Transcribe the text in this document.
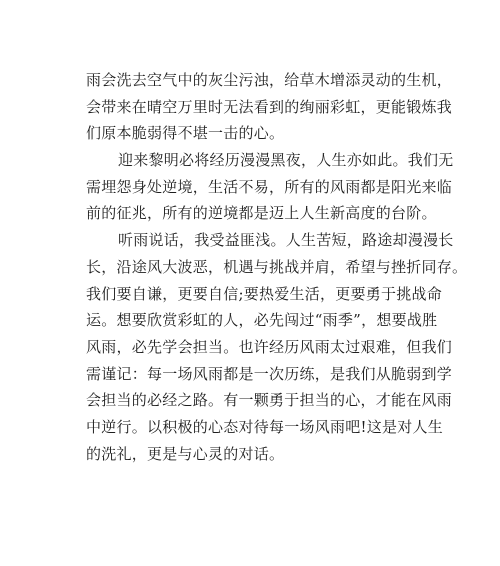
雨会洗去空气中的灰尘污浊，给草木增添灵动的生机，
会带来在晴空万里时无法看到的绚丽彩虹，更能锻炼我
们原本脆弱得不堪一击的心。
迎来黎明必将经历漫漫黑夜，人生亦如此。我们无
需埋怨身处逆境，生活不易，所有的风雨都是阳光来临
前的征兆，所有的逆境都是迈上人生新高度的台阶。
听雨说话，我受益匪浅。人生苦短，路途却漫漫长
长，沿途风大波恶，机遇与挑战并肩，希望与挫折同存。
我们要自谦，更要自信;要热爱生活，更要勇于挑战命
运。想要欣赏彩虹的人，必先闯过“雨季”，想要战胜
风雨，必先学会担当。也许经历风雨太过艰难，但我们
需谨记：每一场风雨都是一次历练，是我们从脆弱到学
会担当的必经之路。有一颗勇于担当的心，才能在风雨
中逆行。以积极的心态对待每一场风雨吧!这是对人生
的洗礼，更是与心灵的对话。
